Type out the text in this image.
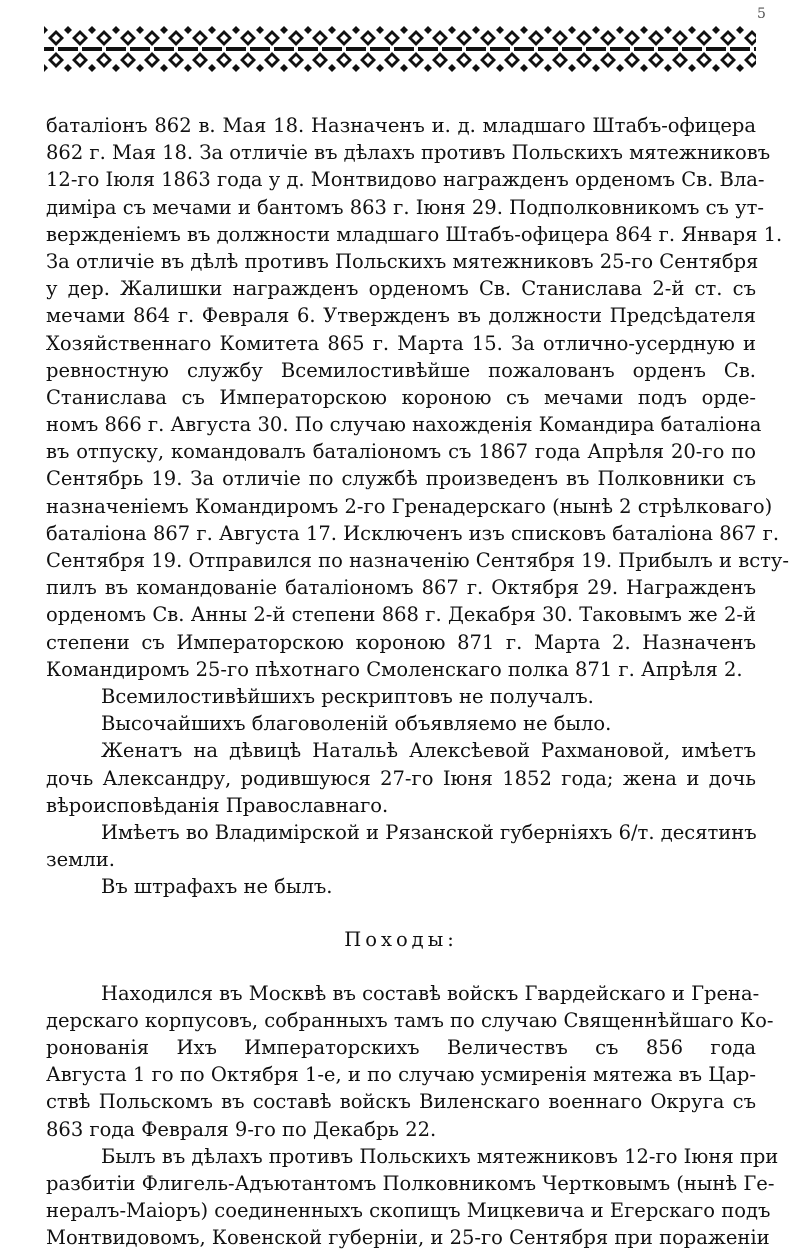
5
баталіонъ 862 в. Мая 18. Назначенъ и. д. младшаго Штабъ-офицера
862 г. Мая 18. За отличіе въ дѣлахъ противъ Польскихъ мятежниковъ
12-го Іюля 1863 года у д. Монтвидово награжденъ орденомъ Св. Вла-
диміра съ мечами и бантомъ 863 г. Іюня 29. Подполковникомъ съ ут-
вержденіемъ въ должности младшаго Штабъ-офицера 864 г. Января 1.
За отличіе въ дѣлѣ противъ Польскихъ мятежниковъ 25-го Сентября
у дер. Жалишки награжденъ орденомъ Св. Станислава 2-й ст. съ
мечами 864 г. Февраля 6. Утвержденъ въ должности Предсѣдателя
Хозяйственнаго Комитета 865 г. Марта 15. За отлично-усердную и
ревностную службу Всемилостивѣйше пожалованъ орденъ Св.
Станислава съ Императорскою короною съ мечами подъ орде-
номъ 866 г. Августа 30. По случаю нахожденія Командира баталіона
въ отпуску, командовалъ баталіономъ съ 1867 года Апрѣля 20-го по
Сентябрь 19. За отличіе по службѣ произведенъ въ Полковники съ
назначеніемъ Командиромъ 2-го Гренадерскаго (нынѣ 2 стрѣлковаго)
баталіона 867 г. Августа 17. Исключенъ изъ списковъ баталіона 867 г.
Сентября 19. Отправился по назначенію Сентября 19. Прибылъ и всту-
пилъ въ командованіе баталіономъ 867 г. Октября 29. Награжденъ
орденомъ Св. Анны 2-й степени 868 г. Декабря 30. Таковымъ же 2-й
степени съ Императорскою короною 871 г. Марта 2. Назначенъ
Командиромъ 25-го пѣхотнаго Смоленскаго полка 871 г. Апрѣля 2.
Всемилостивѣйшихъ рескриптовъ не получалъ.
Высочайшихъ благоволеній объявляемо не было.
Женатъ на дѣвицѣ Натальѣ Алексѣевой Рахмановой, имѣетъ
дочь Александру, родившуюся 27-го Іюня 1852 года; жена и дочь
вѣроисповѣданія Православнаго.
Имѣетъ во Владимірской и Рязанской губерніяхъ 6/т. десятинъ
земли.
Въ штрафахъ не былъ.
Походы:
Находился въ Москвѣ въ составѣ войскъ Гвардейскаго и Грена-
дерскаго корпусовъ, собранныхъ тамъ по случаю Священнѣйшаго Ко-
ронованія Ихъ Императорскихъ Величествъ съ 856 года
Августа 1 го по Октября 1-е, и по случаю усмиренія мятежа въ Цар-
ствѣ Польскомъ въ составѣ войскъ Виленскаго военнаго Округа съ
863 года Февраля 9-го по Декабрь 22.
Былъ въ дѣлахъ противъ Польскихъ мятежниковъ 12-го Іюня при
разбитіи Флигель-Адъютантомъ Полковникомъ Чертковымъ (нынѣ Ге-
нералъ-Маіоръ) соединенныхъ скопищъ Мицкевича и Егерскаго подъ
Монтвидовомъ, Ковенской губерніи, и 25-го Сентября при пораженіи
